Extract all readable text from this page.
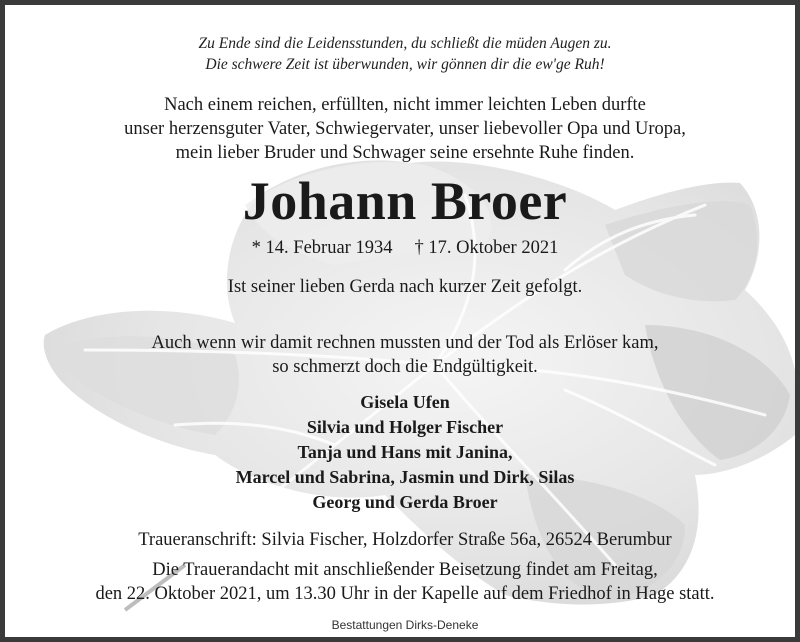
Zu Ende sind die Leidensstunden, du schließt die müden Augen zu.
Die schwere Zeit ist überwunden, wir gönnen dir die ew'ge Ruh!
Nach einem reichen, erfüllten, nicht immer leichten Leben durfte
unser herzensguter Vater, Schwiegervater, unser liebevoller Opa und Uropa,
mein lieber Bruder und Schwager seine ersehnte Ruhe finden.
Johann Broer
* 14. Februar 1934 † 17. Oktober 2021
Ist seiner lieben Gerda nach kurzer Zeit gefolgt.
Auch wenn wir damit rechnen mussten und der Tod als Erlöser kam,
so schmerzt doch die Endgültigkeit.
Gisela Ufen
Silvia und Holger Fischer
Tanja und Hans mit Janina,
Marcel und Sabrina, Jasmin und Dirk, Silas
Georg und Gerda Broer
Traueranschrift: Silvia Fischer, Holzdorfer Straße 56a, 26524 Berumbur
Die Trauerandacht mit anschließender Beisetzung findet am Freitag,
den 22. Oktober 2021, um 13.30 Uhr in der Kapelle auf dem Friedhof in Hage statt.
Bestattungen Dirks-Deneke
